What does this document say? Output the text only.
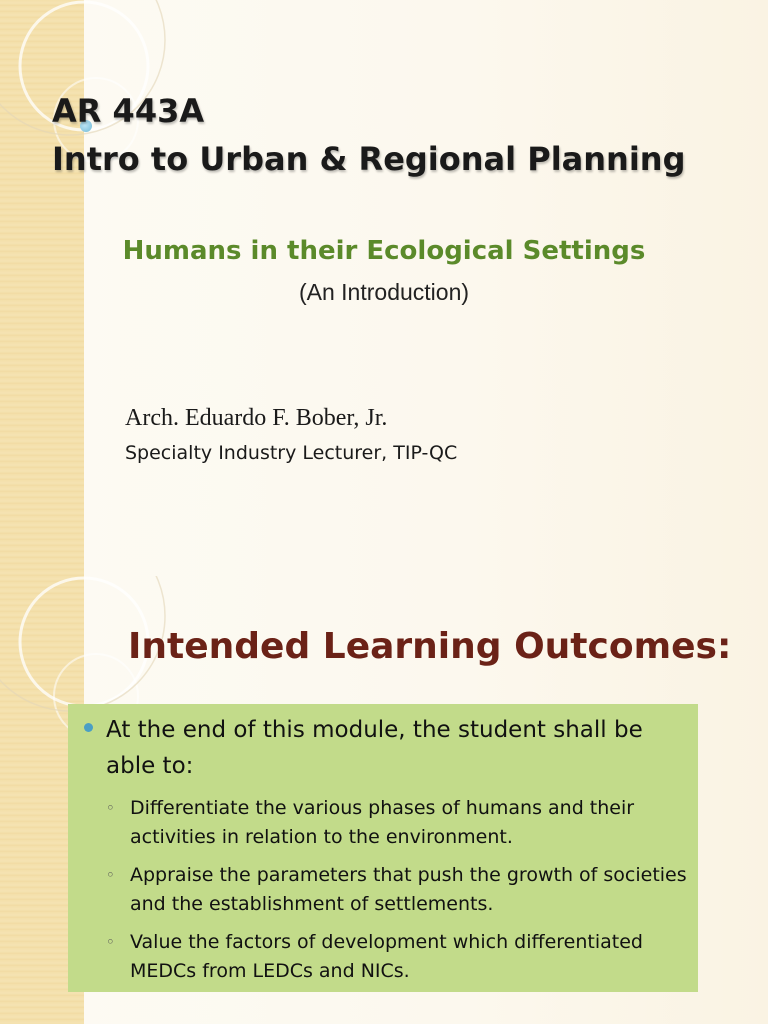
AR 443A
Intro to Urban & Regional Planning
Humans in their Ecological Settings

(An Introduction)

Arch. Eduardo F. Bober, Jr.

Specialty Industry Lecturer, TIP-QC

Intended Learning Outcomes:
At the end of this module, the student shall be able to:
◦ Differentiate the various phases of humans and their activities in relation to the environment.
◦ Appraise the parameters that push the growth of societies and the establishment of settlements.
◦ Value the factors of development which differentiated MEDCs from LEDCs and NICs.
